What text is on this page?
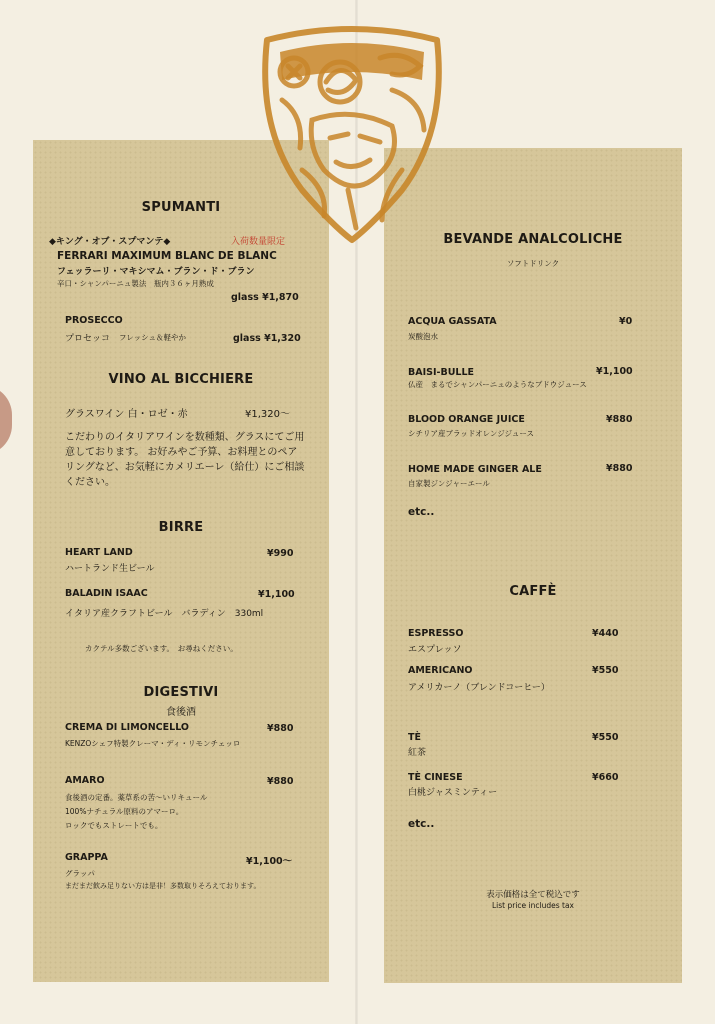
SPUMANTI
◆キング・オブ・スプマンテ◆	入荷数量限定
FERRARI MAXIMUM BLANC DE BLANC
フェッラーリ・マキシマム・ブラン・ド・ブラン
辛口・シャンパーニュ製法　瓶内３６ヶ月熟成
glass ¥1,870
PROSECCO
プロセッコ フレッシュ＆軽やか	glass ¥1,320
VINO AL BICCHIERE
グラスワイン 白・ロゼ・赤	¥1,320～
こだわりのイタリアワインを数種類、グラスにてご用意しております。 お好みやご予算、お料理とのペアリングなど、お気軽にカメリエーレ（給仕）にご相談ください。
BIRRE
HEART LAND	¥990
ハートランド生ビール
BALADIN ISAAC	¥1,100
イタリア産クラフトビール　バラディン　330ml
カクテル多数ございます。　お尋ねください。
DIGESTIVI
食後酒
CREMA DI LIMONCELLO	¥880
KENZOシェフ特製クレーマ・ディ・リモンチェッロ
AMARO	¥880
食後酒の定番。薬草系の苦～いリキュール
100%ナチュラル原料のアマーロ。
ロックでもストレートでも。
GRAPPA	¥1,100～
グラッパ
まだまだ飲み足りない方は是非！多数取りそろえております。
BEVANDE ANALCOLICHE
ソフトドリンク
ACQUA GASSATA	¥0
炭酸泡水
BAISI-BULLE	¥1,100
仏産　まるでシャンパーニュのようなブドウジュース
BLOOD ORANGE JUICE	¥880
シチリア産ブラッドオレンジジュース
HOME MADE GINGER ALE	¥880
自家製ジンジャーエール
etc..
CAFFÈ
ESPRESSO	¥440
エスプレッソ
AMERICANO	¥550
アメリカーノ（ブレンドコーヒー）
TÈ	¥550
紅茶
TÈ CINESE	¥660
白桃ジャスミンティー
etc..
表示価格は全て税込です
List price includes tax
